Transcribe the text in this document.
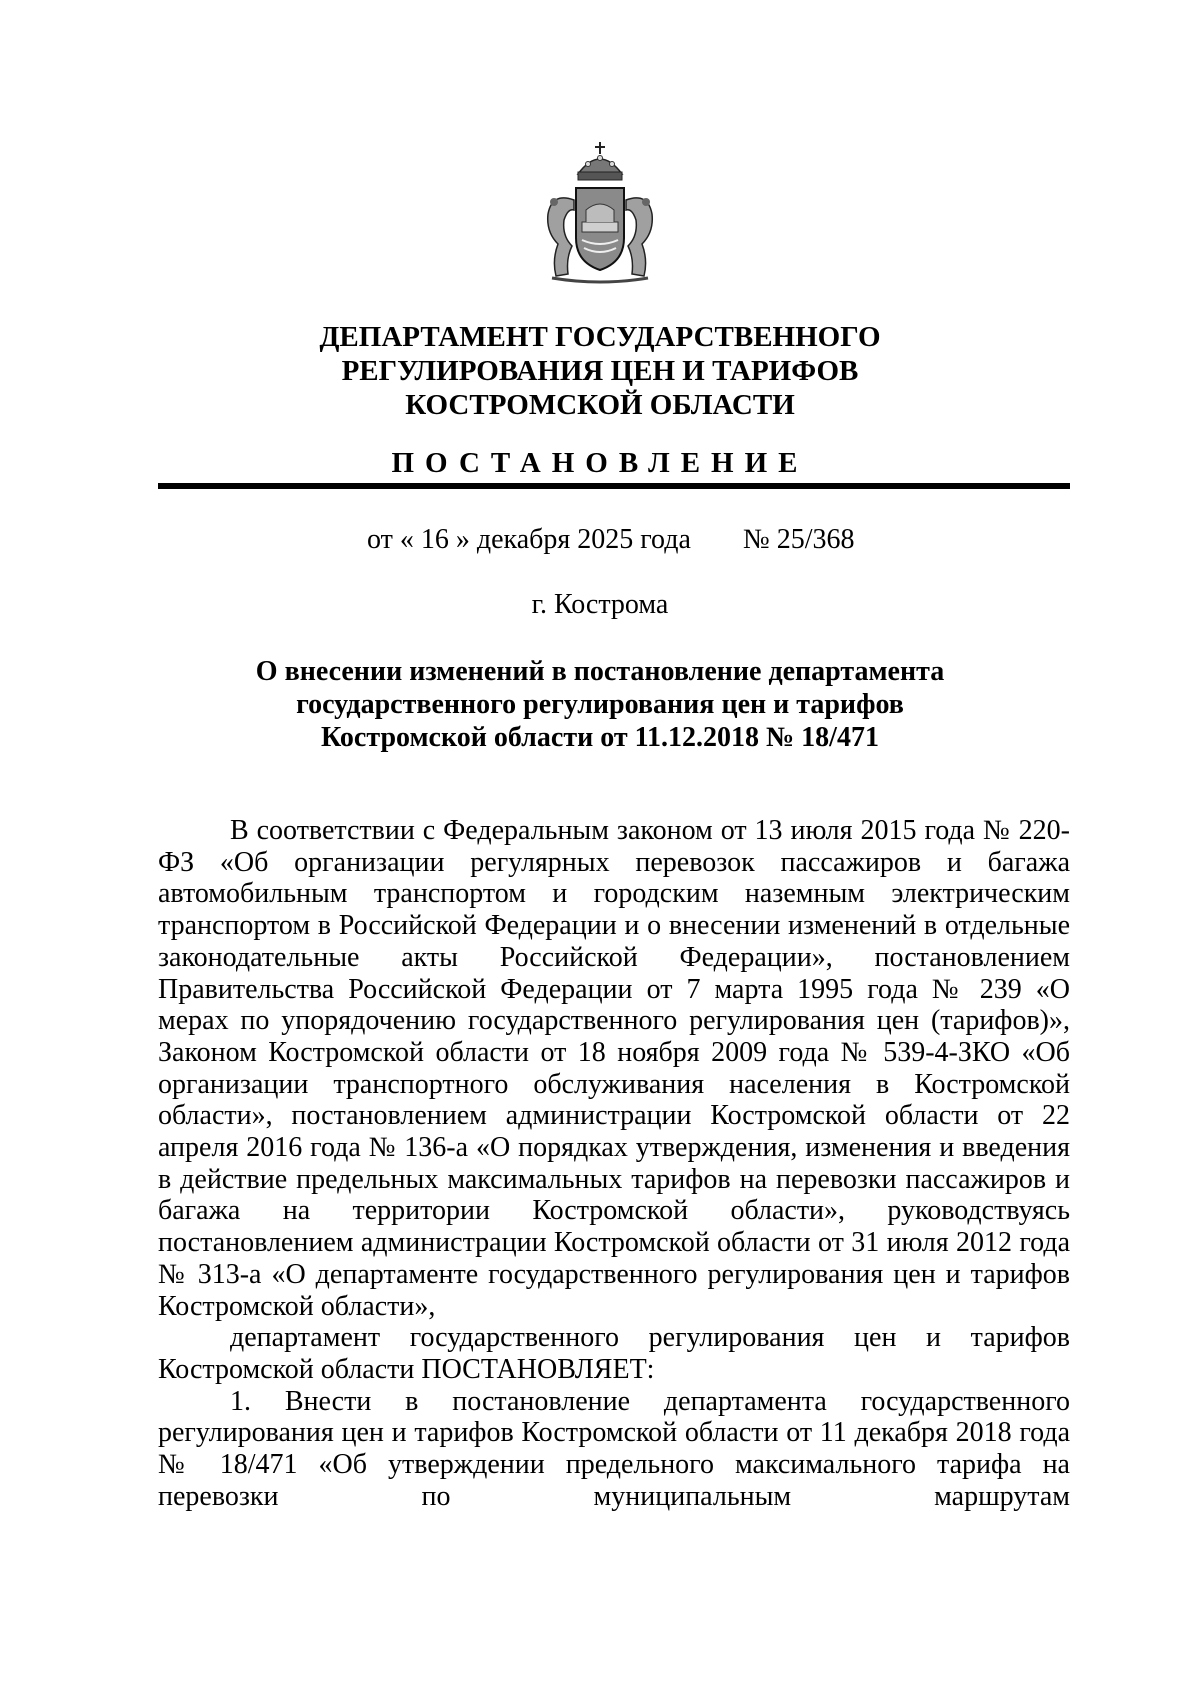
ДЕПАРТАМЕНТ ГОСУДАРСТВЕННОГО
РЕГУЛИРОВАНИЯ ЦЕН И ТАРИФОВ
КОСТРОМСКОЙ ОБЛАСТИ
ПОСТАНОВЛЕНИЕ
от « 16 » декабря 2025 года № 25/368
г. Кострома
О внесении изменений в постановление департамента
государственного регулирования цен и тарифов
Костромской области от 11.12.2018 № 18/471

В соответствии с Федеральным законом от 13 июля 2015 года № 220-ФЗ «Об организации регулярных перевозок пассажиров и багажа автомобильным транспортом и городским наземным электрическим транспортом в Российской Федерации и о внесении изменений в отдельные законодательные акты Российской Федерации», постановлением Правительства Российской Федерации от 7 марта 1995 года № 239 «О мерах по упорядочению государственного регулирования цен (тарифов)», Законом Костромской области от 18 ноября 2009 года № 539-4-ЗКО «Об организации транспортного обслуживания населения в Костромской области», постановлением администрации Костромской области от 22 апреля 2016 года № 136-а «О порядках утверждения, изменения и введения в действие предельных максимальных тарифов на перевозки пассажиров и багажа на территории Костромской области», руководствуясь постановлением администрации Костромской области от 31 июля 2012 года № 313-а «О департаменте государственного регулирования цен и тарифов Костромской области»,

департамент государственного регулирования цен и тарифов Костромской области ПОСТАНОВЛЯЕТ:

1. Внести в постановление департамента государственного регулирования цен и тарифов Костромской области от 11 декабря 2018 года № 18/471 «Об утверждении предельного максимального тарифа на перевозки по муниципальным маршрутам
